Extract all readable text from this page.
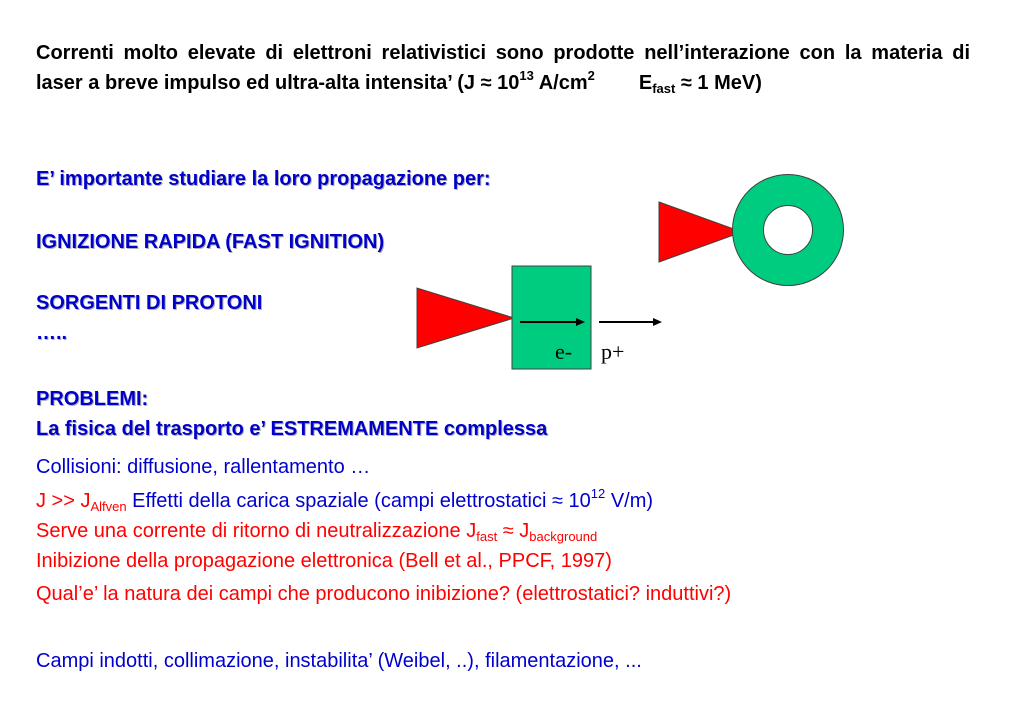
Correnti molto elevate di elettroni relativistici sono prodotte nell’interazione con la materia di laser a breve impulso ed ultra-alta intensita’ ($J \approx 10^{13}$ $A/cm^2$ $E_{fast} \approx 1$ MeV)

E’ importante studiare la loro propagazione per:

IGNIZIONE RAPIDA (FAST IGNITION)

SORGENTI DI PROTONI

…..

PROBLEMI:

La fisica del trasporto e’ ESTREMAMENTE complessa

Collisioni: diffusione, rallentamento …

$J >> J_{Alfven}$ Effetti della carica spaziale (campi elettrostatici ≈ $10^{12}$ V/m)

Serve una corrente di ritorno di neutralizzazione $J_{fast} \approx J_{background}$

Inibizione della propagazione elettronica (Bell et al., PPCF, 1997)

Qual’e’ la natura dei campi che producono inibizione? (elettrostatici? induttivi?)

Campi indotti, collimazione, instabilita’ (Weibel, ..), filamentazione, ...

e- p+
